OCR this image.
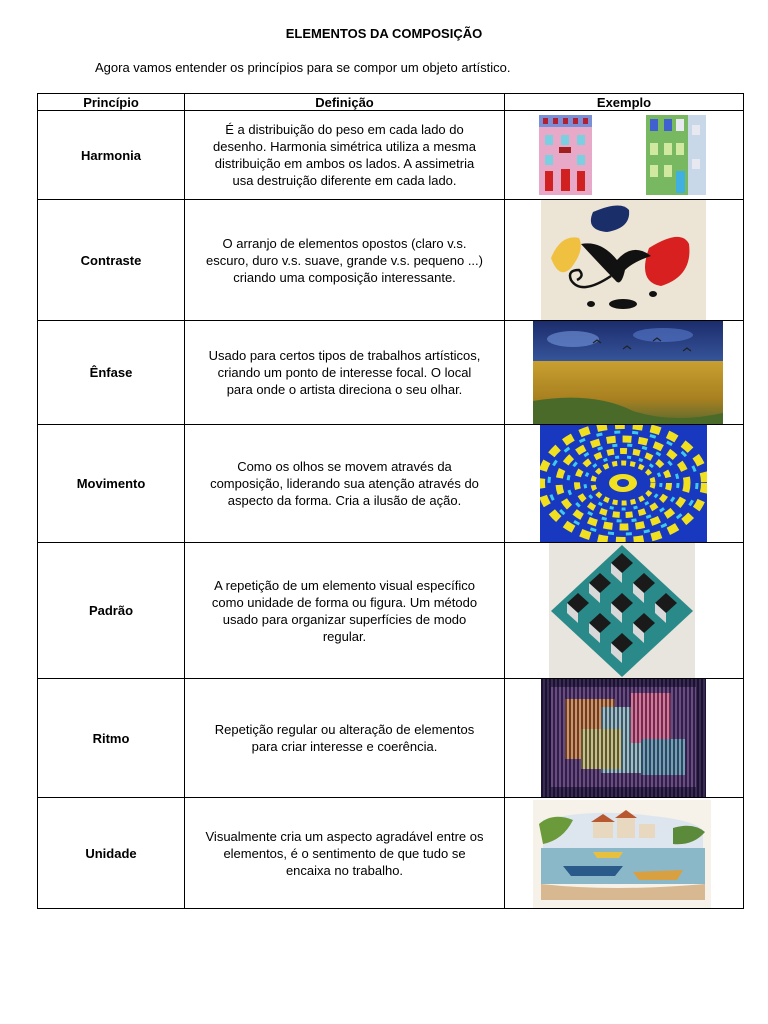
ELEMENTOS DA COMPOSIÇÃO
Agora vamos entender os princípios para se compor um objeto artístico.
Princípio	Definição	Exemplo
Harmonia	É a distribuição do peso em cada lado do desenho. Harmonia simétrica utiliza a mesma distribuição em ambos os lados. A assimetria usa destruição diferente em cada lado.	

Contraste	O arranjo de elementos opostos (claro v.s. escuro, duro v.s. suave, grande v.s. pequeno ...) criando uma composição interessante.	

Ênfase	Usado para certos tipos de trabalhos artísticos, criando um ponto de interesse focal. O local para onde o artista direciona o seu olhar.	

Movimento	Como os olhos se movem através da composição, liderando sua atenção através do aspecto da forma. Cria a ilusão de ação.	

Padrão	A repetição de um elemento visual específico como unidade de forma ou figura. Um método usado para organizar superfícies de modo regular.	

Ritmo	Repetição regular ou alteração de elementos para criar interesse e coerência.	

Unidade	Visualmente cria um aspecto agradável entre os elementos, é o sentimento de que tudo se encaixa no trabalho.	
